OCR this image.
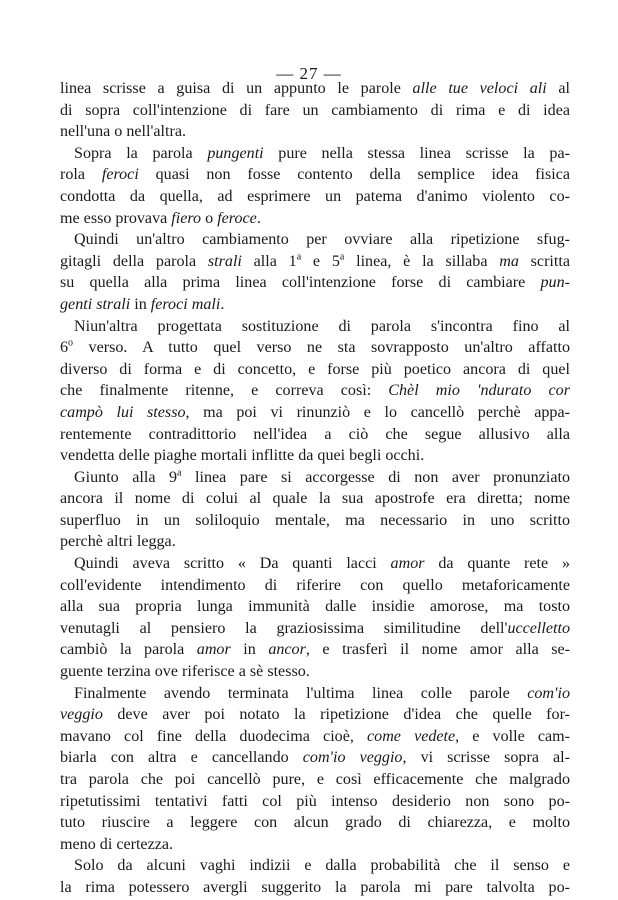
— 27 —
linea scrisse a guisa di un appunto le parole alle tue veloci ali al
di sopra coll'intenzione di fare un cambiamento di rima e di idea
nell'una o nell'altra.
Sopra la parola pungenti pure nella stessa linea scrisse la pa-
rola feroci quasi non fosse contento della semplice idea fisica
condotta da quella, ad esprimere un patema d'animo violento co-
me esso provava fiero o feroce.
Quindi un'altro cambiamento per ovviare alla ripetizione sfug-
gitagli della parola strali alla 1$^a$ e 5$^a$ linea, è la sillaba ma scritta
su quella alla prima linea coll'intenzione forse di cambiare pun-
genti strali in feroci mali.
Niun'altra progettata sostituzione di parola s'incontra fino al
6$^o$ verso. A tutto quel verso ne sta sovrapposto un'altro affatto
diverso di forma e di concetto, e forse più poetico ancora di quel
che finalmente ritenne, e correva così: Chèl mio 'ndurato cor
campò lui stesso, ma poi vi rinunziò e lo cancellò perchè appa-
rentemente contradittorio nell'idea a ciò che segue allusivo alla
vendetta delle piaghe mortali inflitte da quei begli occhi.
Giunto alla 9$^a$ linea pare si accorgesse di non aver pronunziato
ancora il nome di colui al quale la sua apostrofe era diretta; nome
superfluo in un soliloquio mentale, ma necessario in uno scritto
perchè altri legga.
Quindi aveva scritto « Da quanti lacci amor da quante rete »
coll'evidente intendimento di riferire con quello metaforicamente
alla sua propria lunga immunità dalle insidie amorose, ma tosto
venutagli al pensiero la graziosissima similitudine dell'uccelletto
cambiò la parola amor in ancor, e trasferì il nome amor alla se-
guente terzina ove riferisce a sè stesso.
Finalmente avendo terminata l'ultima linea colle parole com'io
veggio deve aver poi notato la ripetizione d'idea che quelle for-
mavano col fine della duodecima cioè, come vedete, e volle cam-
biarla con altra e cancellando com'io veggio, vi scrisse sopra al-
tra parola che poi cancellò pure, e così efficacemente che malgrado
ripetutissimi tentativi fatti col più intenso desiderio non sono po-
tuto riuscire a leggere con alcun grado di chiarezza, e molto
meno di certezza.
Solo da alcuni vaghi indizii e dalla probabilità che il senso e
la rima potessero avergli suggerito la parola mi pare talvolta po-
